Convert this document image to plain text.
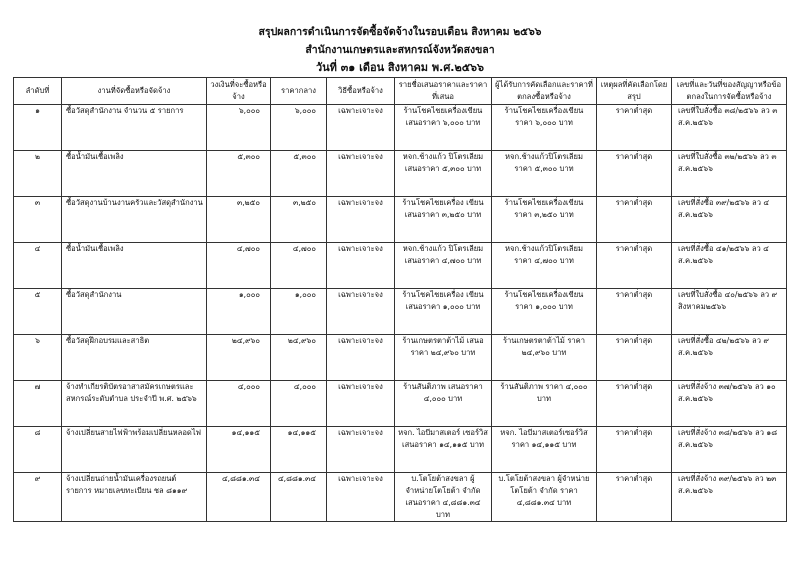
สรุปผลการดำเนินการจัดซื้อจัดจ้างในรอบเดือน สิงหาคม ๒๕๖๖
สำนักงานเกษตรและสหกรณ์จังหวัดสงขลา
วันที่ ๓๑ เดือน สิงหาคม พ.ศ.๒๕๖๖
ลำดับที่	งานที่จัดซื้อหรือจัดจ้าง	วงเงินที่จะซื้อหรือจ้าง	ราคากลาง	วิธีซื้อหรือจ้าง	รายชื่อเสนอราคาและราคาที่เสนอ	ผู้ได้รับการคัดเลือกและราคาที่ตกลงซื้อหรือจ้าง	เหตุผลที่คัดเลือกโดยสรุป	เลขที่และวันที่ของสัญญาหรือข้อตกลงในการจัดซื้อหรือจ้าง
๑	ซื้อวัสดุสำนักงาน จำนวน ๕ รายการ	๖,๐๐๐	๖,๐๐๐	เฉพาะเจาะจง	ร้านโชคไชยเครื่องเขียน เสนอราคา ๖,๐๐๐ บาท	ร้านโชคไชยเครื่องเขียน ราคา ๖,๐๐๐ บาท	ราคาต่ำสุด	เลขที่ใบสั่งซื้อ ๓๘/๒๕๖๖ ลว ๓ ส.ค.๒๕๖๖
๒	ซื้อน้ำมันเชื้อเพลิง	๕,๓๐๐	๕,๓๐๐	เฉพาะเจาะจง	หจก.ช้างแก้ว ปิโตรเลียม เสนอราคา ๕,๓๐๐ บาท	หจก.ช้างแก้วปิโตรเลียม ราคา ๕,๓๐๐ บาท	ราคาต่ำสุด	เลขที่ใบสั่งซื้อ ๓๒/๒๕๖๖ ลว ๓ ส.ค.๒๕๖๖
๓	ซื้อวัสดุงานบ้านงานครัวและวัสดุสำนักงาน	๓,๒๕๐	๓,๒๕๐	เฉพาะเจาะจง	ร้านโชคไชยเครื่อง เขียน เสนอราคา ๓,๒๕๐ บาท	ร้านโชคไชยเครื่องเขียน ราคา ๓,๒๕๐ บาท	ราคาต่ำสุด	เลขที่สั่งซื้อ ๓๙/๒๕๖๖ ลว ๔ ส.ค.๒๕๖๖
๔	ซื้อน้ำมันเชื้อเพลิง	๔,๗๐๐	๔,๗๐๐	เฉพาะเจาะจง	หจก.ช้างแก้ว ปิโตรเลียม เสนอราคา ๔,๗๐๐ บาท	หจก.ช้างแก้วปิโตรเลียม ราคา ๔,๗๐๐ บาท	ราคาต่ำสุด	เลขที่สั่งซื้อ ๔๑/๒๕๖๖ ลว ๔ ส.ค.๒๕๖๖
๕	ซื้อวัสดุสำนักงาน	๑,๐๐๐	๑,๐๐๐	เฉพาะเจาะจง	ร้านโชคไชยเครื่อง เขียน เสนอราคา ๑,๐๐๐ บาท	ร้านโชคไชยเครื่องเขียน ราคา ๑,๐๐๐ บาท	ราคาต่ำสุด	เลขที่ใบสั่งซื้อ ๔๐/๒๕๖๖ ลว ๙ สิงหาคม๒๕๖๖
๖	ซื้อวัสดุฝึกอบรมและสาธิต	๒๔,๙๖๐	๒๔,๙๖๐	เฉพาะเจาะจง	ร้านเกษตรตาต้าไม้ เสนอราคา ๒๔,๙๖๐ บาท	ร้านเกษตรตาต้าไม้ ราคา ๒๔,๙๖๐ บาท	ราคาต่ำสุด	เลขที่สั่งซื้อ ๔๒/๒๕๖๖ ลว ๙ ส.ค.๒๕๖๖
๗	จ้างทำเกียรติบัตรอาสาสมัครเกษตรและสหกรณ์ระดับตำบล ประจำปี พ.ศ. ๒๕๖๖	๔,๐๐๐	๔,๐๐๐	เฉพาะเจาะจง	ร้านสันติภาพ เสนอราคา ๔,๐๐๐ บาท	ร้านสันติภาพ ราคา ๔,๐๐๐ บาท	ราคาต่ำสุด	เลขที่สั่งจ้าง ๓๗/๒๕๖๖ ลว ๑๐ ส.ค.๒๕๖๖
๘	จ้างเปลี่ยนสายไฟฟ้าพร้อมเปลี่ยนหลอดไฟ	๑๔,๑๑๕	๑๔,๑๑๕	เฉพาะเจาะจง	หจก. ไอบีมาสเตอร์ เซอร์วิส เสนอราคา ๑๔,๑๑๕ บาท	หจก. ไอบีมาสเตอร์เซอร์วิส ราคา ๑๔,๑๑๕ บาท	ราคาต่ำสุด	เลขที่สั่งจ้าง ๓๘/๒๕๖๖ ลว ๑๘ ส.ค.๒๕๖๖
๙	จ้างเปลี่ยนถ่ายน้ำมันเครื่องรถยนต์ รายการ หมายเลขทะเบียน ชล ๘๑๑๙	๔,๘๘๑.๓๔	๔,๘๘๑.๓๔	เฉพาะเจาะจง	บ.โตโยต้าสงขลา ผู้จำหน่ายโตโยต้า จำกัด เสนอราคา ๔,๘๘๑.๓๔ บาท	บ.โตโยต้าสงขลา ผู้จำหน่ายโตโยต้า จำกัด ราคา ๔,๘๘๑.๓๔ บาท	ราคาต่ำสุด	เลขที่สั่งจ้าง ๓๙/๒๕๖๖ ลว ๒๓ ส.ค.๒๕๖๖
